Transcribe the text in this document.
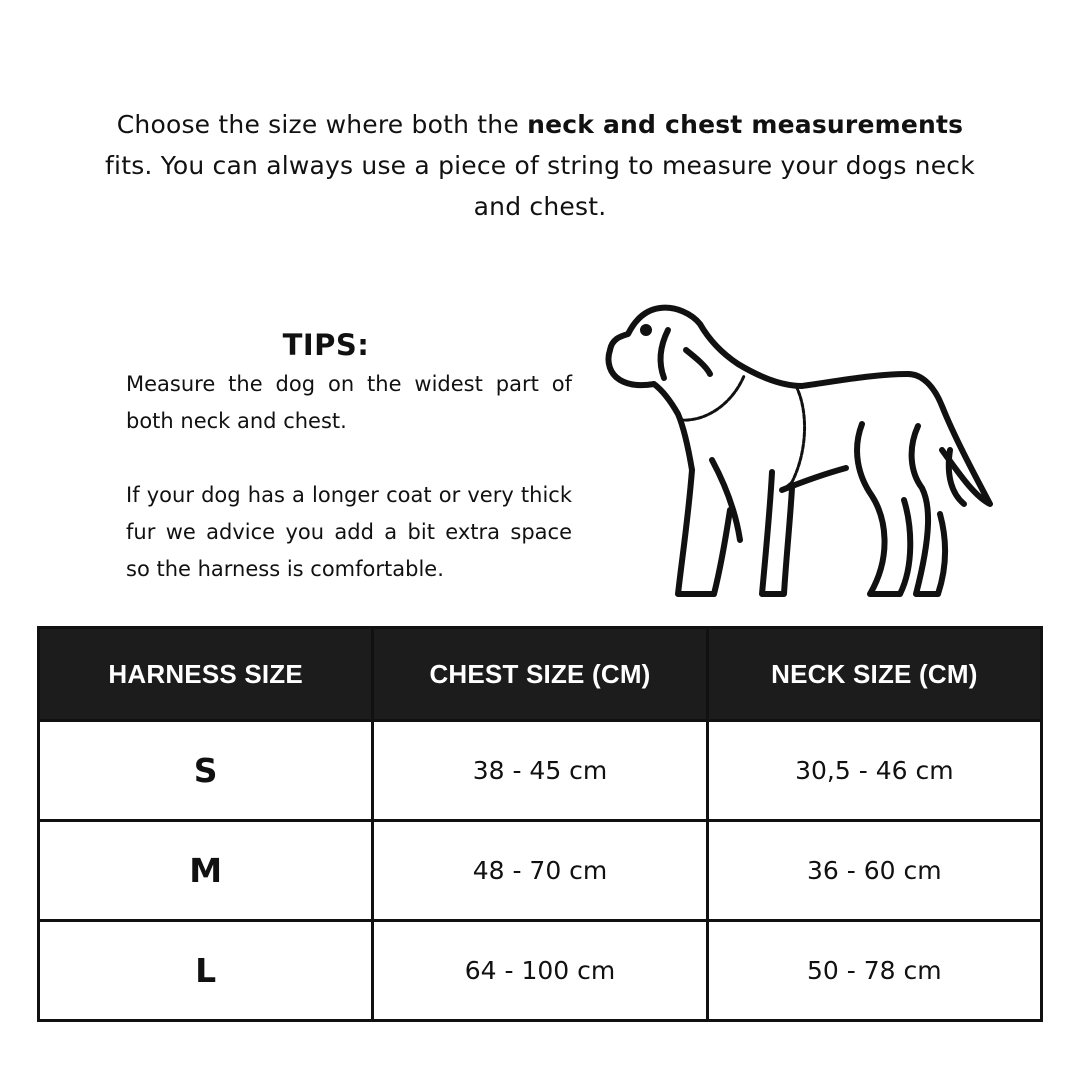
Choose the size where both the neck and chest measurements fits. You can always use a piece of string to measure your dogs neck and chest.
TIPS:

Measure the dog on the widest part of both neck and chest.

If your dog has a longer coat or very thick fur we advice you add a bit extra space so the harness is comfortable.

HARNESS SIZE	CHEST SIZE (CM)	NECK SIZE (CM)
S	38 - 45 cm	30,5 - 46 cm
M	48 - 70 cm	36 - 60 cm
L	64 - 100 cm	50 - 78 cm
